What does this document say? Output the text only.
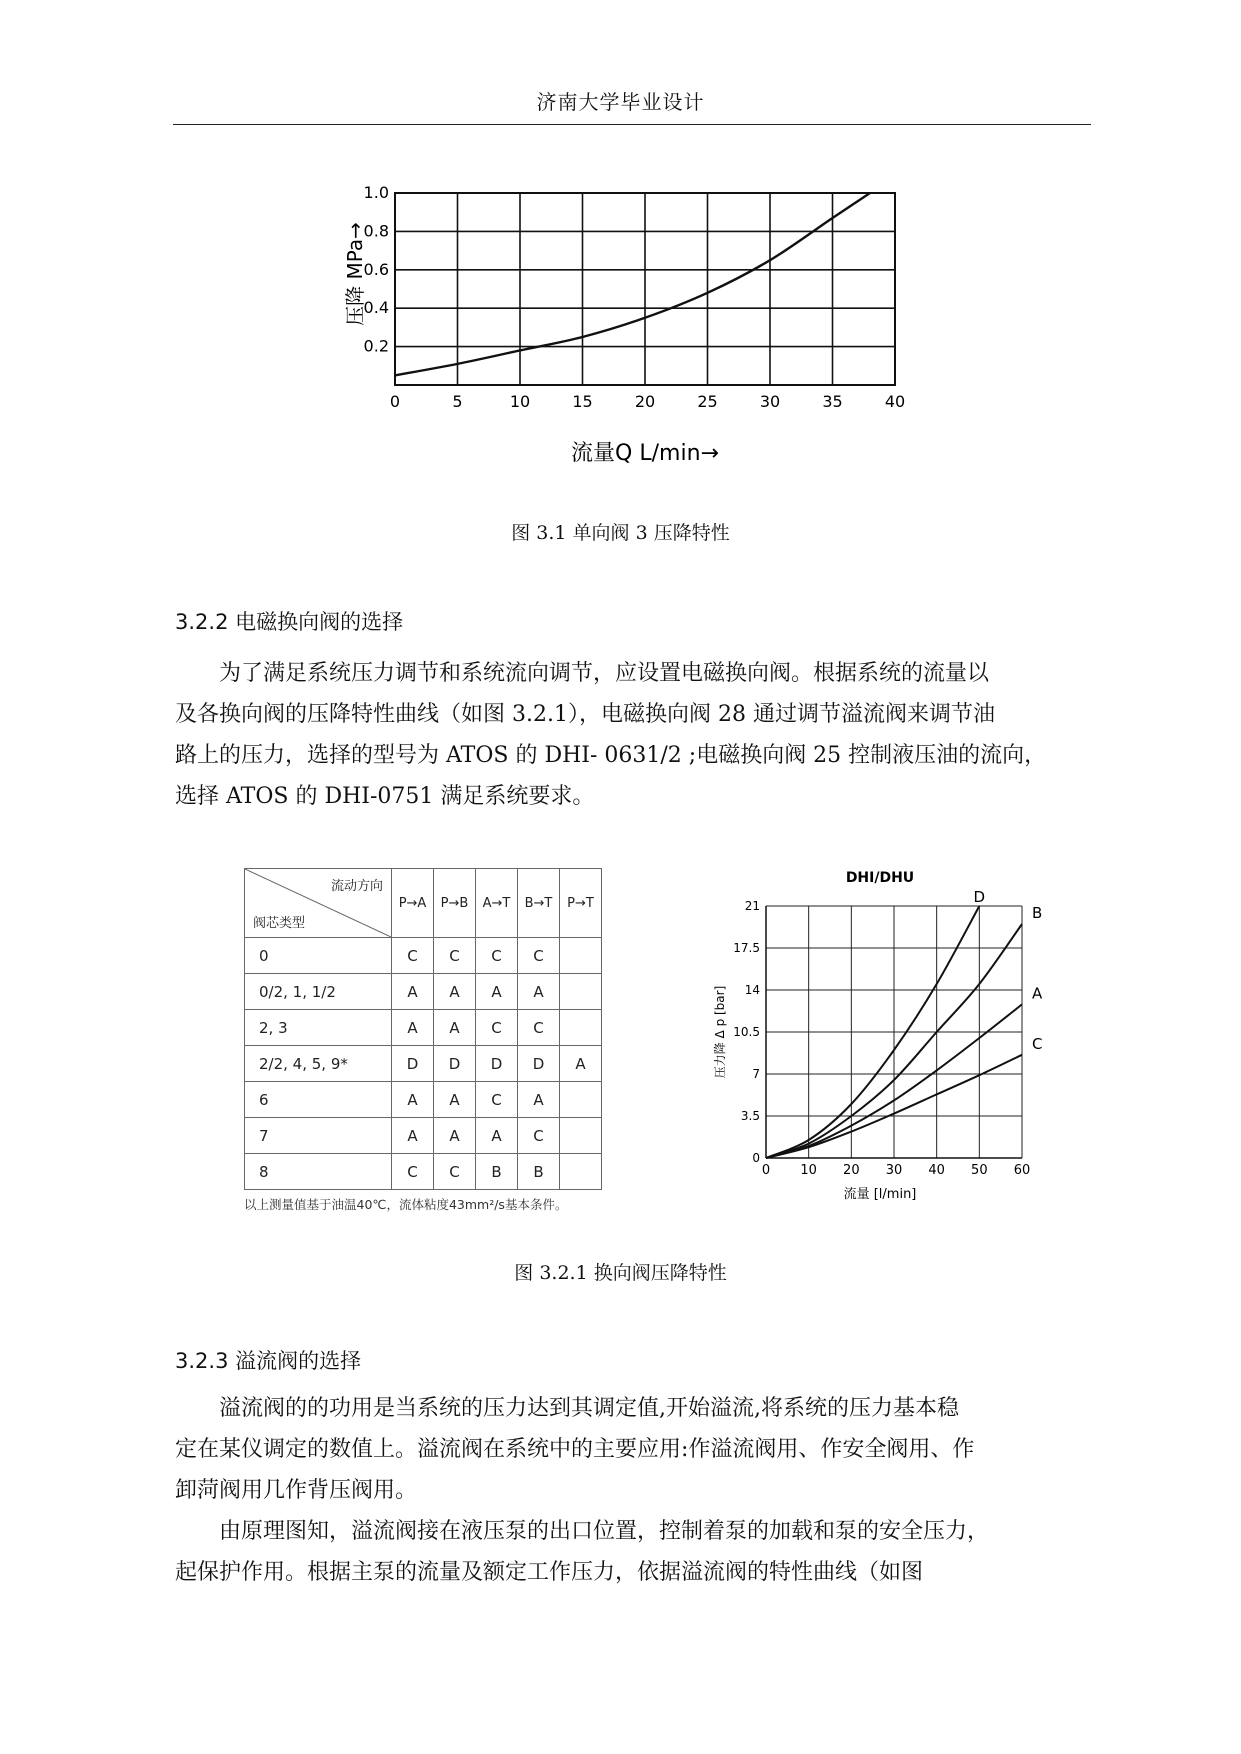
济南大学毕业设计
0	5	10	15	20	25	30	35	40
0.2
0.4
0.6
0.8
1.0
流量Q L/min→
压降 MPa→
图 3.1 单向阀 3 压降特性
3.2.2 电磁换向阀的选择
为了满足系统压力调节和系统流向调节，应设置电磁换向阀。根据系统的流量以
及各换向阀的压降特性曲线（如图 3.2.1），电磁换向阀 28 通过调节溢流阀来调节油
路上的压力，选择的型号为 ATOS 的 DHI- 0631/2 ;电磁换向阀 25 控制液压油的流向，
选择 ATOS 的 DHI-0751 满足系统要求。
流动方向
阀芯类型	P→A	P→B	A→T	B→T	P→T
0	C	C	C	C	
0/2, 1, 1/2	A	A	A	A	
2, 3	A	A	C	C	
2/2, 4, 5, 9*	D	D	D	D	A
6	A	A	C	A	
7	A	A	A	C	
8	C	C	B	B	
以上测量值基于油温40℃，流体粘度43mm²/s基本条件。
DHI/DHU
0 10 20 30 40 50 60
0
3.5
7
10.5
14
17.5
21	D
B
A
C
流量 [l/min]
压力降 Δ p [bar]
图 3.2.1 换向阀压降特性
3.2.3 溢流阀的选择
溢流阀的的功用是当系统的压力达到其调定值,开始溢流,将系统的压力基本稳
定在某仪调定的数值上。溢流阀在系统中的主要应用:作溢流阀用、作安全阀用、作
卸菏阀用几作背压阀用。
由原理图知，溢流阀接在液压泵的出口位置，控制着泵的加载和泵的安全压力，
起保护作用。根据主泵的流量及额定工作压力，依据溢流阀的特性曲线（如图
